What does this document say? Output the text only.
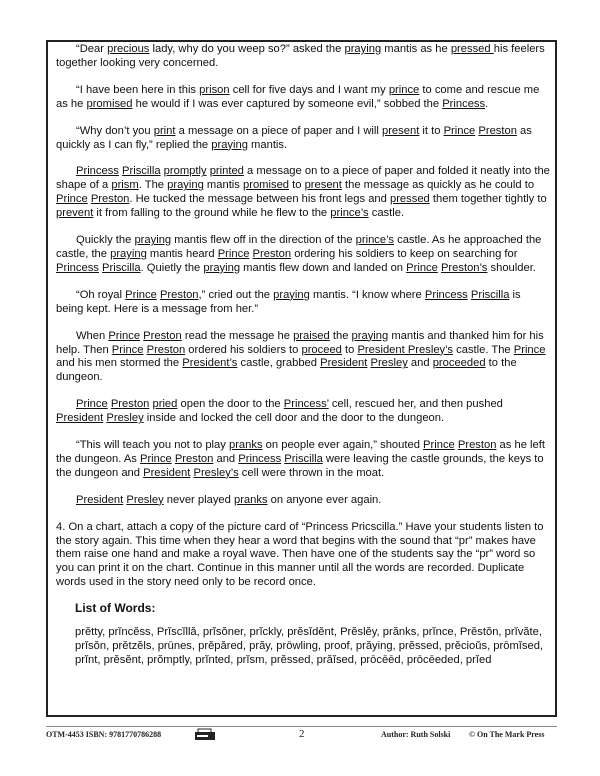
“Dear precious lady, why do you weep so?” asked the praying mantis as he pressed his feelers together looking very concerned.

“I have been here in this prison cell for five days and I want my prince to come and rescue me as he promised he would if I was ever captured by someone evil,” sobbed the Princess.

“Why don’t you print a message on a piece of paper and I will present it to Prince Preston as quickly as I can fly,” replied the praying mantis.

Princess Priscilla promptly printed a message on to a piece of paper and folded it neatly into the shape of a prism. The praying mantis promised to present the message as quickly as he could to Prince Preston. He tucked the message between his front legs and pressed them together tightly to prevent it from falling to the ground while he flew to the prince’s castle.

Quickly the praying mantis flew off in the direction of the prince’s castle. As he approached the castle, the praying mantis heard Prince Preston ordering his soldiers to keep on searching for Princess Priscilla. Quietly the praying mantis flew down and landed on Prince Preston’s shoulder.

“Oh royal Prince Preston,” cried out the praying mantis. “I know where Princess Priscilla is being kept. Here is a message from her.”

When Prince Preston read the message he praised the praying mantis and thanked him for his help. Then Prince Preston ordered his soldiers to proceed to President Presley’s castle. The Prince and his men stormed the President’s castle, grabbed President Presley and proceeded to the dungeon.

Prince Preston pried open the door to the Princess’ cell, rescued her, and then pushed President Presley inside and locked the cell door and the door to the dungeon.

“This will teach you not to play pranks on people ever again,” shouted Prince Preston as he left the dungeon. As Prince Preston and Princess Priscilla were leaving the castle grounds, the keys to the dungeon and President Presley’s cell were thrown in the moat.

President Presley never played pranks on anyone ever again.

4. On a chart, attach a copy of the picture card of “Princess Pricscilla.” Have your students listen to the story again. This time when they hear a word that begins with the sound that “pr” makes have them raise one hand and make a royal wave. Then have one of the students say the “pr” word so you can print it on the chart. Continue in this manner until all the words are recorded. Duplicate words used in the story need only to be record once.

List of Words:

prĕtty, prĭncĕss, Prĭscĭllă, prĭsŏner, prĭckly, prĕsĭdĕnt, Prĕslĕy, prănks, prĭnce, Prĕstŏn, prĭvăte, prĭsŏn, prĕtzĕls, prūnes, prĕpăred, prăy, prōwling, proof, prăying, prĕssed, prĕcioŭs, prōmĭsed, prĭnt, prĕsĕnt, prŏmptly, prĭnted, prĭsm, prĕssed, prăĭsed, prōcēēd, prōcēeded, prĭed

OTM-4453 ISBN: 9781770786288	2	Author: Ruth Solski © On The Mark Press
